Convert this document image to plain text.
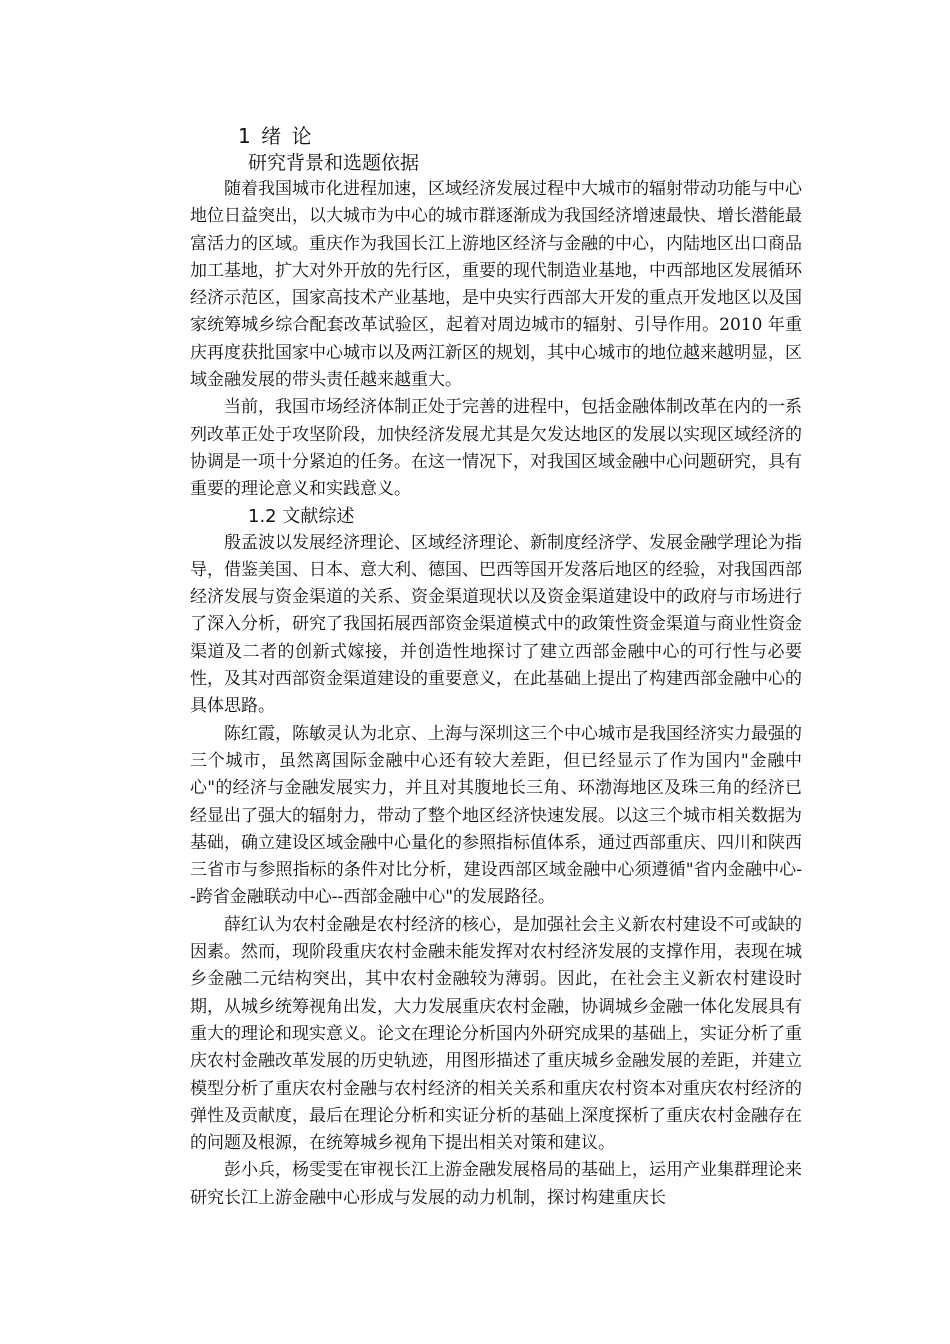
1 绪 论
研究背景和选题依据

随着我国城市化进程加速，区域经济发展过程中大城市的辐射带动功能与中心地位日益突出，以大城市为中心的城市群逐渐成为我国经济增速最快、增长潜能最富活力的区域。重庆作为我国长江上游地区经济与金融的中心，内陆地区出口商品加工基地，扩大对外开放的先行区，重要的现代制造业基地，中西部地区发展循环经济示范区，国家高技术产业基地，是中央实行西部大开发的重点开发地区以及国家统筹城乡综合配套改革试验区，起着对周边城市的辐射、引导作用。2010 年重庆再度获批国家中心城市以及两江新区的规划，其中心城市的地位越来越明显，区域金融发展的带头责任越来越重大。

当前，我国市场经济体制正处于完善的进程中，包括金融体制改革在内的一系列改革正处于攻坚阶段，加快经济发展尤其是欠发达地区的发展以实现区域经济的协调是一项十分紧迫的任务。在这一情况下，对我国区域金融中心问题研究，具有重要的理论意义和实践意义。

1.2 文献综述

殷孟波以发展经济理论、区域经济理论、新制度经济学、发展金融学理论为指导，借鉴美国、日本、意大利、德国、巴西等国开发落后地区的经验，对我国西部经济发展与资金渠道的关系、资金渠道现状以及资金渠道建设中的政府与市场进行了深入分析，研究了我国拓展西部资金渠道模式中的政策性资金渠道与商业性资金渠道及二者的创新式嫁接，并创造性地探讨了建立西部金融中心的可行性与必要性，及其对西部资金渠道建设的重要意义，在此基础上提出了构建西部金融中心的具体思路。

陈红霞，陈敏灵认为北京、上海与深圳这三个中心城市是我国经济实力最强的三个城市，虽然离国际金融中心还有较大差距，但已经显示了作为国内"金融中心"的经济与金融发展实力，并且对其腹地长三角、环渤海地区及珠三角的经济已经显出了强大的辐射力，带动了整个地区经济快速发展。以这三个城市相关数据为基础，确立建设区域金融中心量化的参照指标值体系，通过西部重庆、四川和陕西三省市与参照指标的条件对比分析，建设西部区域金融中心须遵循"省内金融中心--跨省金融联动中心--西部金融中心"的发展路径。

薛红认为农村金融是农村经济的核心，是加强社会主义新农村建设不可或缺的因素。然而，现阶段重庆农村金融未能发挥对农村经济发展的支撑作用，表现在城乡金融二元结构突出，其中农村金融较为薄弱。因此，在社会主义新农村建设时期，从城乡统筹视角出发，大力发展重庆农村金融，协调城乡金融一体化发展具有重大的理论和现实意义。论文在理论分析国内外研究成果的基础上，实证分析了重庆农村金融改革发展的历史轨迹，用图形描述了重庆城乡金融发展的差距，并建立模型分析了重庆农村金融与农村经济的相关关系和重庆农村资本对重庆农村经济的弹性及贡献度，最后在理论分析和实证分析的基础上深度探析了重庆农村金融存在的问题及根源，在统筹城乡视角下提出相关对策和建议。

彭小兵，杨雯雯在审视长江上游金融发展格局的基础上，运用产业集群理论来研究长江上游金融中心形成与发展的动力机制，探讨构建重庆长
